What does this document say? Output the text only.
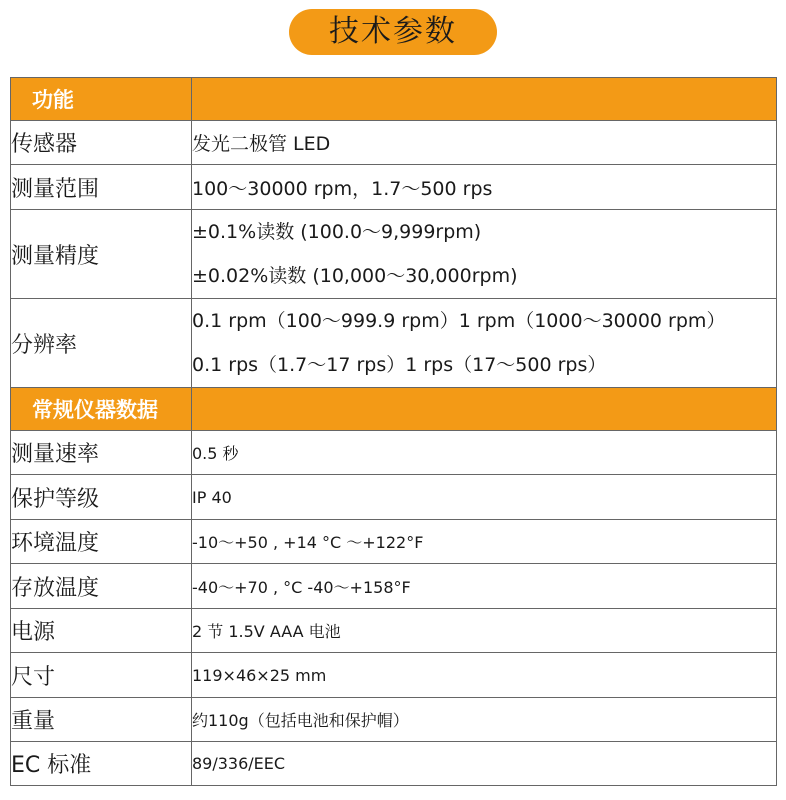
技术参数
功能	
传感器	发光二极管 LED
测量范围	100～30000 rpm，1.7～500 rps
测量精度	±0.1%读数 (100.0～9,999rpm)
±0.02%读数 (10,000～30,000rpm)

分辨率	0.1 rpm（100～999.9 rpm）1 rpm（1000～30000 rpm）
0.1 rps（1.7～17 rps）1 rps（17～500 rps）

常规仪器数据	
测量速率	0.5 秒
保护等级	IP 40
环境温度	-10～+50 , +14 °C ～+122°F
存放温度	-40～+70 , °C -40～+158°F
电源	2 节 1.5V AAA 电池
尺寸	119×46×25 mm
重量	约110g（包括电池和保护帽）
EC 标准	89/336/EEC
